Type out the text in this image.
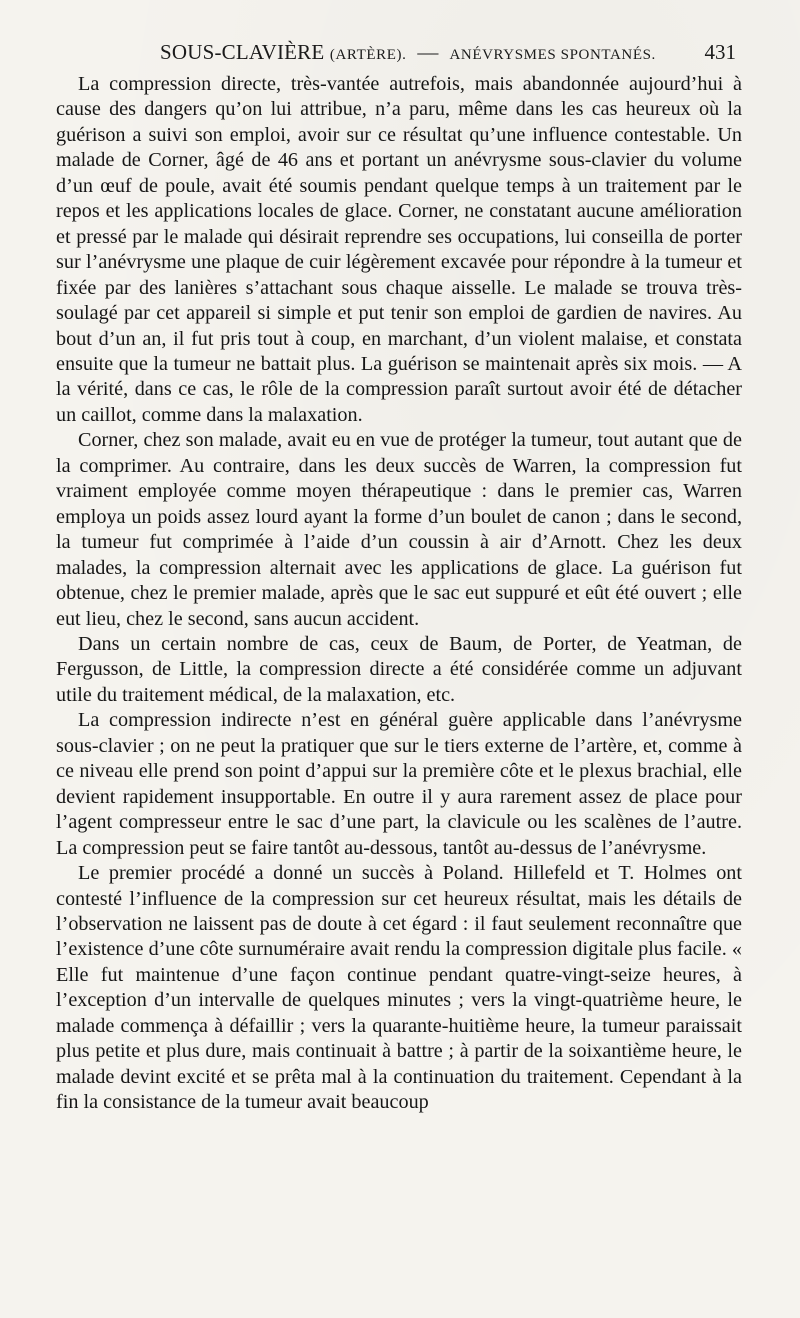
SOUS-CLAVIÈRE (ARTÈRE). — ANÉVRYSMES SPONTANÉS. 431

La compression directe, très-vantée autrefois, mais abandonnée aujourd’hui à cause des dangers qu’on lui attribue, n’a paru, même dans les cas heureux où la guérison a suivi son emploi, avoir sur ce résultat qu’une influence contestable. Un malade de Corner, âgé de 46 ans et portant un anévrysme sous-clavier du volume d’un œuf de poule, avait été soumis pendant quelque temps à un traitement par le repos et les applications locales de glace. Corner, ne constatant aucune amélioration et pressé par le malade qui désirait reprendre ses occupations, lui conseilla de porter sur l’anévrysme une plaque de cuir légèrement excavée pour répondre à la tumeur et fixée par des lanières s’attachant sous chaque aisselle. Le malade se trouva très-soulagé par cet appareil si simple et put tenir son emploi de gardien de navires. Au bout d’un an, il fut pris tout à coup, en marchant, d’un violent malaise, et constata ensuite que la tumeur ne battait plus. La guérison se maintenait après six mois. — A la vérité, dans ce cas, le rôle de la compression paraît surtout avoir été de détacher un caillot, comme dans la malaxation.

Corner, chez son malade, avait eu en vue de protéger la tumeur, tout autant que de la comprimer. Au contraire, dans les deux succès de Warren, la compression fut vraiment employée comme moyen thérapeutique : dans le premier cas, Warren employa un poids assez lourd ayant la forme d’un boulet de canon ; dans le second, la tumeur fut comprimée à l’aide d’un coussin à air d’Arnott. Chez les deux malades, la compression alternait avec les applications de glace. La guérison fut obtenue, chez le premier malade, après que le sac eut suppuré et eût été ouvert ; elle eut lieu, chez le second, sans aucun accident.

Dans un certain nombre de cas, ceux de Baum, de Porter, de Yeatman, de Fergusson, de Little, la compression directe a été considérée comme un adjuvant utile du traitement médical, de la malaxation, etc.

La compression indirecte n’est en général guère applicable dans l’anévrysme sous-clavier ; on ne peut la pratiquer que sur le tiers externe de l’artère, et, comme à ce niveau elle prend son point d’appui sur la première côte et le plexus brachial, elle devient rapidement insupportable. En outre il y aura rarement assez de place pour l’agent compresseur entre le sac d’une part, la clavicule ou les scalènes de l’autre. La compression peut se faire tantôt au-dessous, tantôt au-dessus de l’anévrysme.

Le premier procédé a donné un succès à Poland. Hillefeld et T. Holmes ont contesté l’influence de la compression sur cet heureux résultat, mais les détails de l’observation ne laissent pas de doute à cet égard : il faut seulement reconnaître que l’existence d’une côte surnuméraire avait rendu la compression digitale plus facile. « Elle fut maintenue d’une façon continue pendant quatre-vingt-seize heures, à l’exception d’un intervalle de quelques minutes ; vers la vingt-quatrième heure, le malade commença à défaillir ; vers la quarante-huitième heure, la tumeur paraissait plus petite et plus dure, mais continuait à battre ; à partir de la soixantième heure, le malade devint excité et se prêta mal à la continuation du traitement. Cependant à la fin la consistance de la tumeur avait beaucoup
